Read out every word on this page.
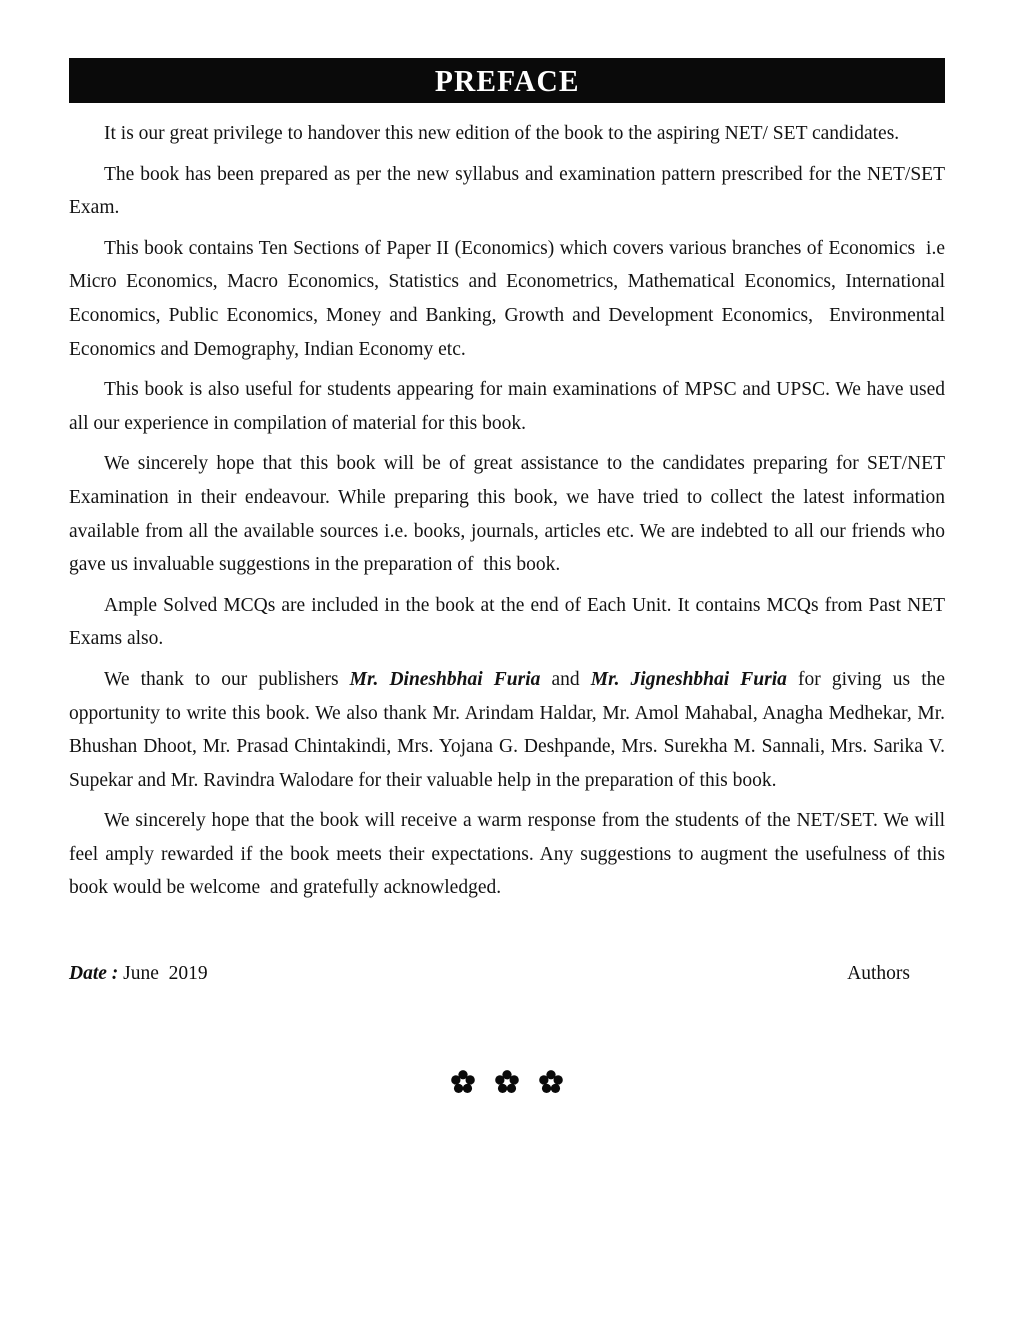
PREFACE

It is our great privilege to handover this new edition of the book to the aspiring NET/ SET candidates.

The book has been prepared as per the new syllabus and examination pattern prescribed for the NET/SET Exam.

This book contains Ten Sections of Paper II (Economics) which covers various branches of Economics  i.e  Micro Economics, Macro Economics, Statistics and Econometrics, Mathematical Economics, International Economics, Public Economics, Money and Banking, Growth and Development Economics,  Environmental Economics and Demography, Indian Economy etc.

This book is also useful for students appearing for main examinations of MPSC and UPSC. We have used all our experience in compilation of material for this book.

We sincerely hope that this book will be of great assistance to the candidates preparing for SET/NET Examination in their endeavour. While preparing this book, we have tried to collect the latest information available from all the available sources i.e. books, journals, articles etc. We are indebted to all our friends who gave us invaluable suggestions in the preparation of  this book.

Ample Solved MCQs are included in the book at the end of Each Unit. It contains MCQs from Past NET Exams also.

We thank to our publishers Mr. Dineshbhai Furia and Mr. Jigneshbhai Furia for giving us the opportunity to write this book. We also thank Mr. Arindam Haldar, Mr. Amol Mahabal, Anagha Medhekar, Mr. Bhushan Dhoot, Mr. Prasad Chintakindi, Mrs. Yojana G. Deshpande, Mrs. Surekha M. Sannali, Mrs. Sarika V. Supekar and Mr. Ravindra Walodare for their valuable help in the preparation of this book.

We sincerely hope that the book will receive a warm response from the students of the NET/SET. We will feel amply rewarded if the book meets their expectations. Any suggestions to augment the usefulness of this book would be welcome  and gratefully acknowledged.

Date : June  2019	Authors
